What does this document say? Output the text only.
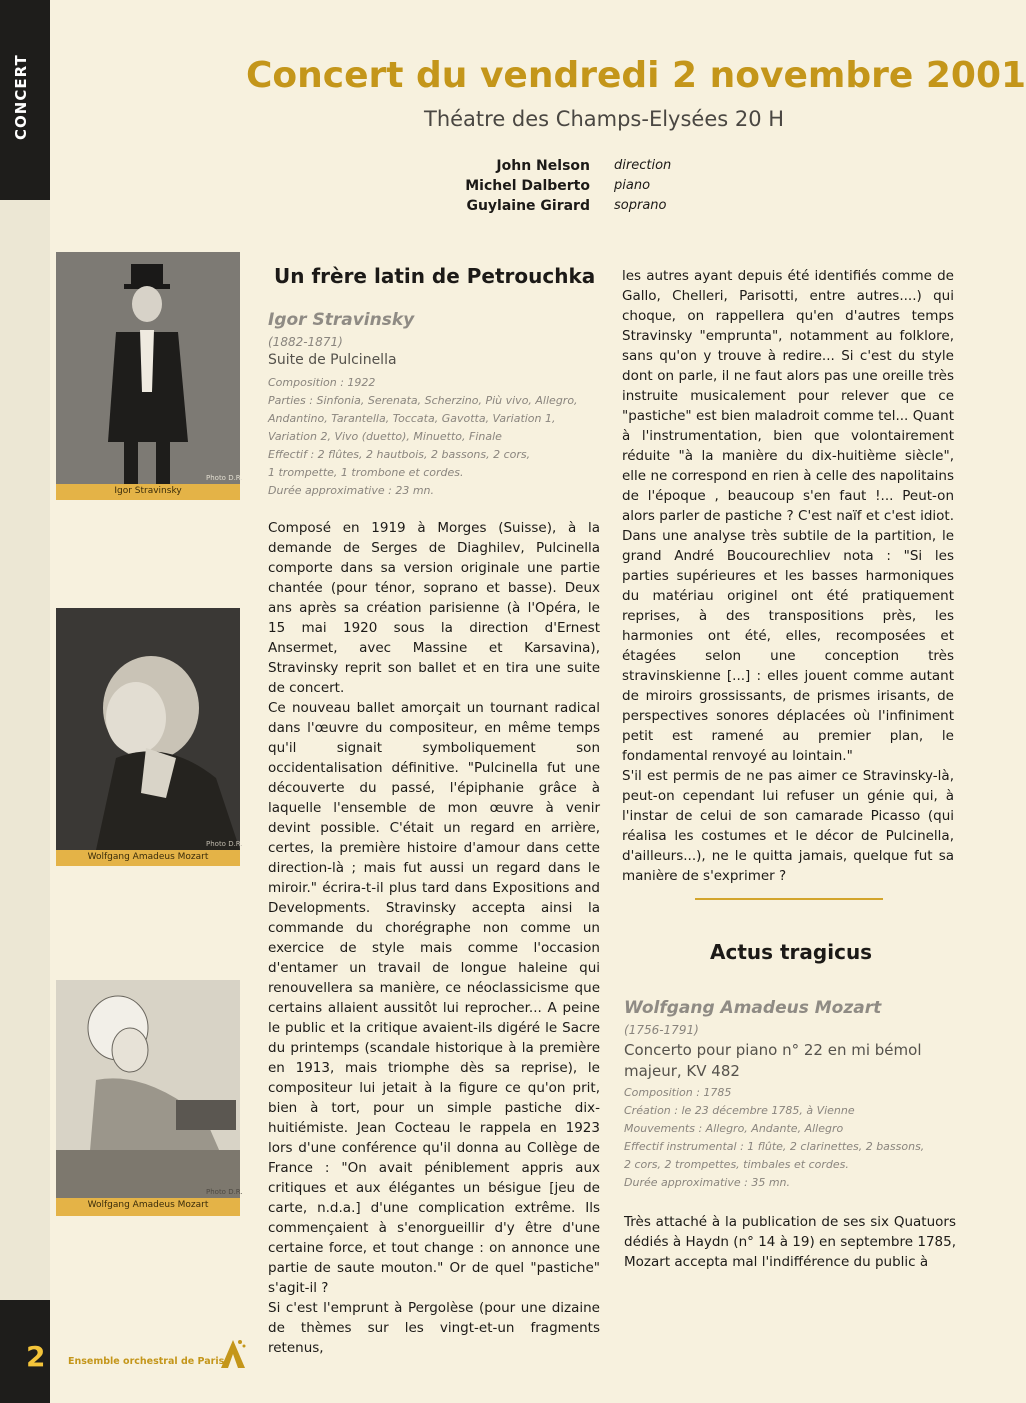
CONCERT	Concert du vendredi 2 novembre 2001
Théatre des Champs-Elysées 20 H
John Nelson direction
Michel Dalberto piano
Guylaine Girard soprano
Photo D.R.
Igor Stravinsky
Photo D.R.
Wolfgang Amadeus Mozart
Photo D.R.
Wolfgang Amadeus Mozart
Un frère latin de Petrouchka
Igor Stravinsky
(1882-1871)
Suite de Pulcinella
Composition : 1922
Parties : Sinfonia, Serenata, Scherzino, Più vivo, Allegro,
Andantino, Tarantella, Toccata, Gavotta, Variation 1,
Variation 2, Vivo (duetto), Minuetto, Finale
Effectif : 2 flûtes, 2 hautbois, 2 bassons, 2 cors,
1 trompette, 1 trombone et cordes.
Durée approximative : 23 mn.
Composé en 1919 à Morges (Suisse), à la demande de Serges de Diaghilev, Pulcinella comporte dans sa version originale une partie chantée (pour ténor, soprano et basse). Deux ans après sa création parisienne (à l'Opéra, le 15 mai 1920 sous la direction d'Ernest Ansermet, avec Massine et Karsavina), Stravinsky reprit son ballet et en tira une suite de concert.
Ce nouveau ballet amorçait un tournant radical dans l'œuvre du compositeur, en même temps qu'il signait symboliquement son occidentalisation définitive. "Pulcinella fut une découverte du passé, l'épiphanie grâce à laquelle l'ensemble de mon œuvre à venir devint possible. C'était un regard en arrière, certes, la première histoire d'amour dans cette direction-là ; mais fut aussi un regard dans le miroir." écrira-t-il plus tard dans Expositions and Developments. Stravinsky accepta ainsi la commande du chorégraphe non comme un exercice de style mais comme l'occasion d'entamer un travail de longue haleine qui renouvellera sa manière, ce néoclassicisme que certains allaient aussitôt lui reprocher... A peine le public et la critique avaient-ils digéré le Sacre du printemps (scandale historique à la première en 1913, mais triomphe dès sa reprise), le compositeur lui jetait à la figure ce qu'on prit, bien à tort, pour un simple pastiche dix-huitiémiste. Jean Cocteau le rappela en 1923 lors d'une conférence qu'il donna au Collège de France : "On avait péniblement appris aux critiques et aux élégantes un bésigue [jeu de carte, n.d.a.] d'une complication extrême. Ils commençaient à s'enorgueillir d'y être d'une certaine force, et tout change : on annonce une partie de saute mouton." Or de quel "pastiche" s'agit-il ?
Si c'est l'emprunt à Pergolèse (pour une dizaine de thèmes sur les vingt-et-un fragments retenus,
les autres ayant depuis été identifiés comme de Gallo, Chelleri, Parisotti, entre autres....) qui choque, on rappellera qu'en d'autres temps Stravinsky "emprunta", notamment au folklore, sans qu'on y trouve à redire... Si c'est du style dont on parle, il ne faut alors pas une oreille très instruite musicalement pour relever que ce "pastiche" est bien maladroit comme tel... Quant à l'instrumentation, bien que volontairement réduite "à la manière du dix-huitième siècle", elle ne correspond en rien à celle des napolitains de l'époque , beaucoup s'en faut !... Peut-on alors parler de pastiche ? C'est naïf et c'est idiot. Dans une analyse très subtile de la partition, le grand André Boucourechliev nota : "Si les parties supérieures et les basses harmoniques du matériau originel ont été pratiquement reprises, à des transpositions près, les harmonies ont été, elles, recomposées et étagées selon une conception très stravinskienne [...] : elles jouent comme autant de miroirs grossissants, de prismes irisants, de perspectives sonores déplacées où l'infiniment petit est ramené au premier plan, le fondamental renvoyé au lointain."
S'il est permis de ne pas aimer ce Stravinsky-là, peut-on cependant lui refuser un génie qui, à l'instar de celui de son camarade Picasso (qui réalisa les costumes et le décor de Pulcinella, d'ailleurs...), ne le quitta jamais, quelque fut sa manière de s'exprimer ?
Actus tragicus
Wolfgang Amadeus Mozart
(1756-1791)
Concerto pour piano n° 22 en mi bémol majeur, KV 482
Composition : 1785
Création : le 23 décembre 1785, à Vienne
Mouvements : Allegro, Andante, Allegro
Effectif instrumental : 1 flûte, 2 clarinettes, 2 bassons,
2 cors, 2 trompettes, timbales et cordes.
Durée approximative : 35 mn.
Très attaché à la publication de ses six Quatuors dédiés à Haydn (n° 14 à 19) en septembre 1785, Mozart accepta mal l'indifférence du public à
2 Ensemble orchestral de Paris
